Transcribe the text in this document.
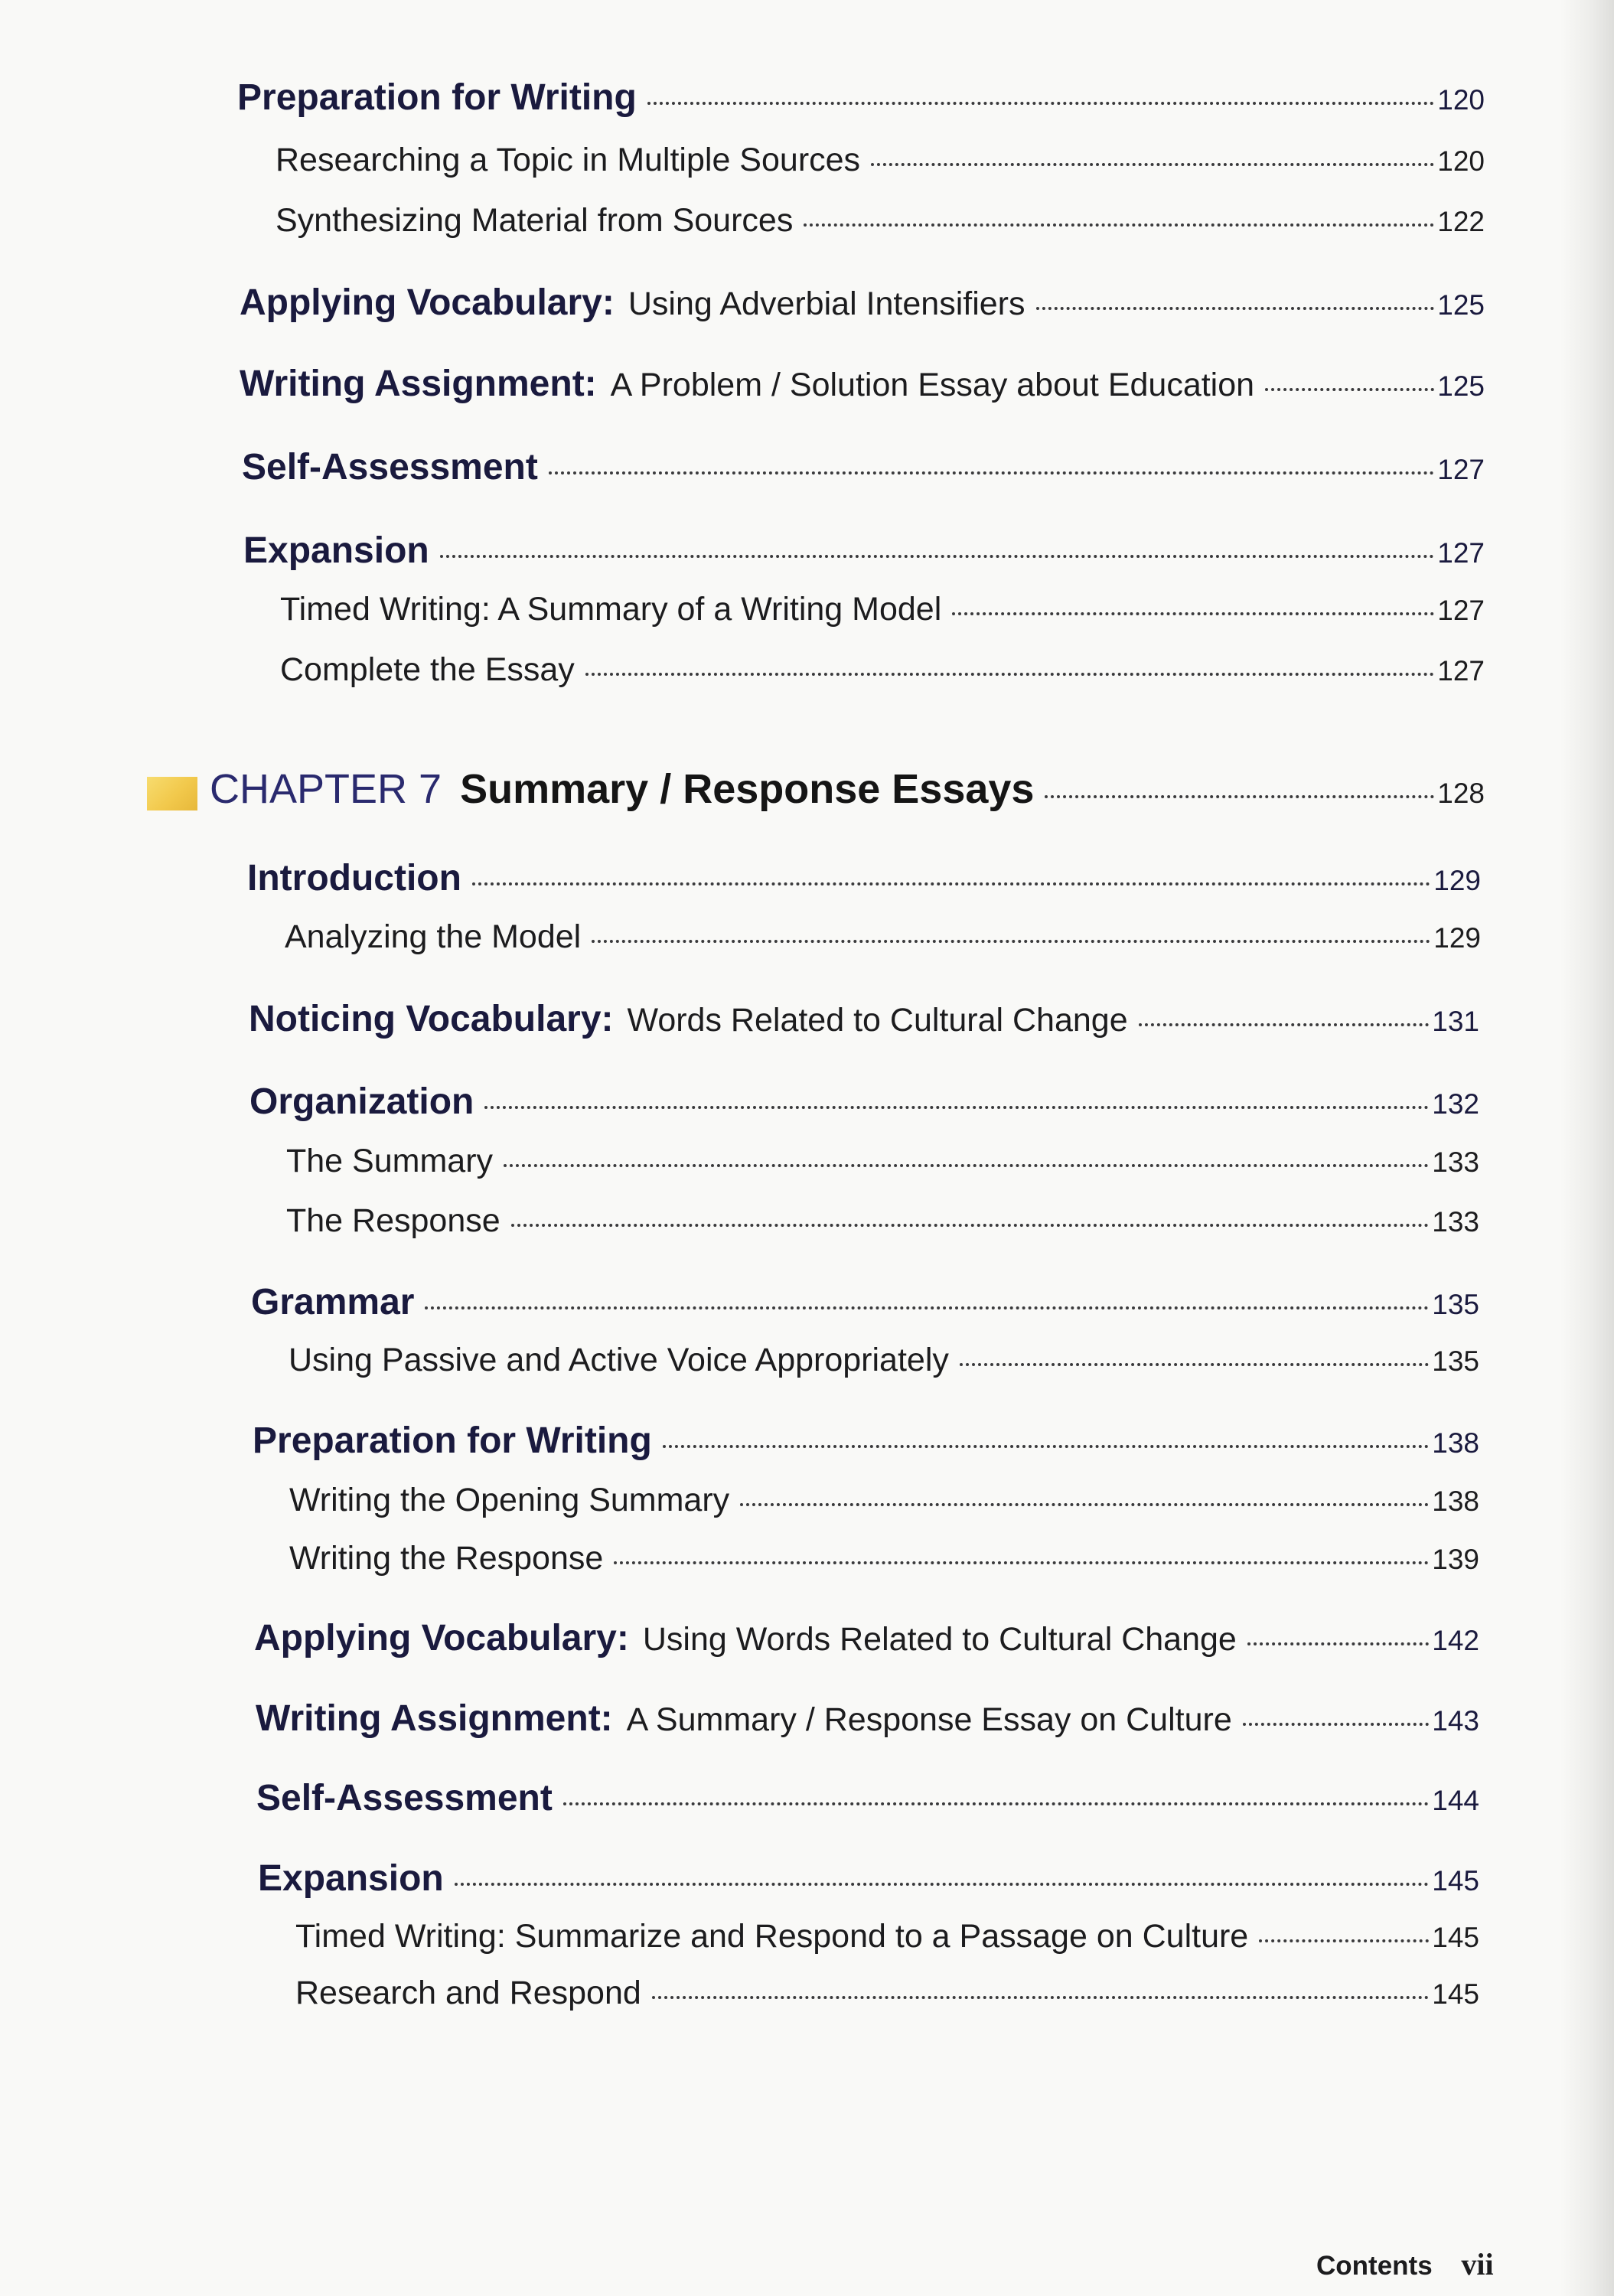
Preparation for Writing	120
Researching a Topic in Multiple Sources	120
Synthesizing Material from Sources	122
Applying Vocabulary: Using Adverbial Intensifiers	125
Writing Assignment: A Problem / Solution Essay about Education	125
Self-Assessment	127
Expansion	127
Timed Writing: A Summary of a Writing Model	127
Complete the Essay	127
CHAPTER 7 Summary / Response Essays	128
Introduction	129
Analyzing the Model	129
Noticing Vocabulary: Words Related to Cultural Change	131
Organization	132
The Summary	133
The Response	133
Grammar	135
Using Passive and Active Voice Appropriately	135
Preparation for Writing	138
Writing the Opening Summary	138
Writing the Response	139
Applying Vocabulary: Using Words Related to Cultural Change	142
Writing Assignment: A Summary / Response Essay on Culture	143
Self-Assessment	144
Expansion	145
Timed Writing: Summarize and Respond to a Passage on Culture	145
Research and Respond	145
Contents vii
